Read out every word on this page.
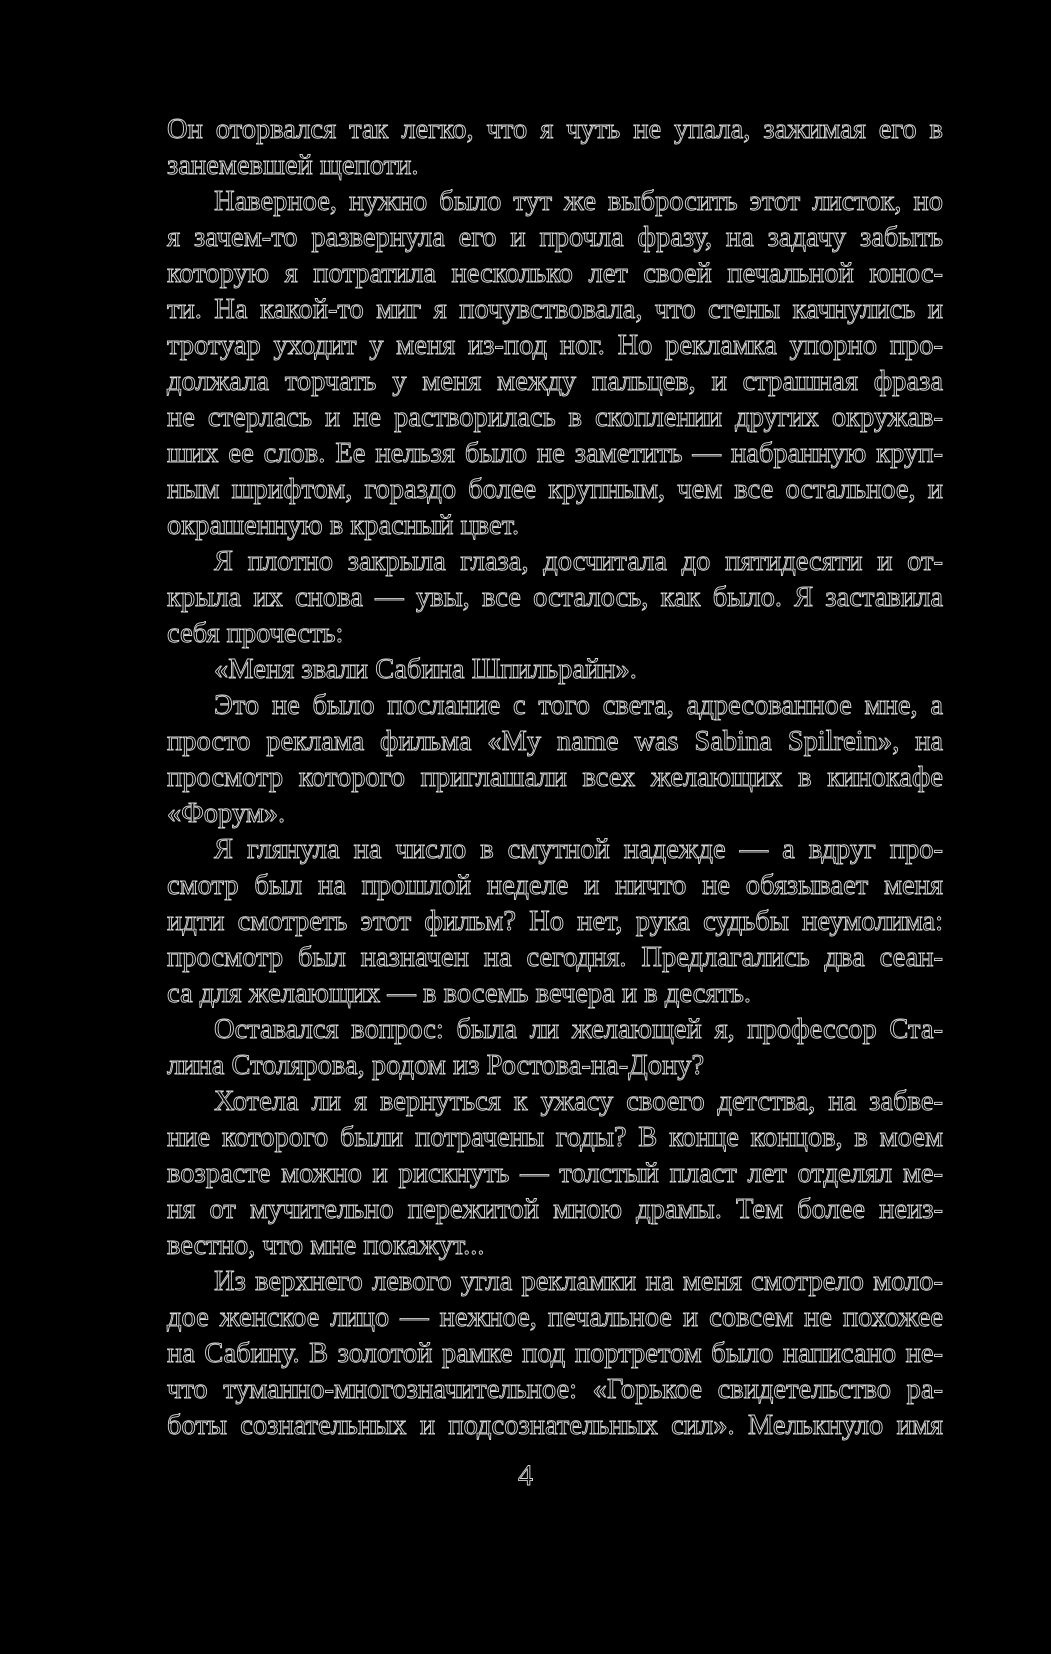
Он оторвался так легко, что я чуть не упала, зажимая его в
занемевшей щепоти.
Наверное, нужно было тут же выбросить этот листок, но
я зачем-то развернула его и прочла фразу, на задачу забыть
которую я потратила несколько лет своей печальной юнос-
ти. На какой-то миг я почувствовала, что стены качнулись и
тротуар уходит у меня из-под ног. Но рекламка упорно про-
должала торчать у меня между пальцев, и страшная фраза
не стерлась и не растворилась в скоплении других окружав-
ших ее слов. Ее нельзя было не заметить — набранную круп-
ным шрифтом, гораздо более крупным, чем все остальное, и
окрашенную в красный цвет.
Я плотно закрыла глаза, досчитала до пятидесяти и от-
крыла их снова — увы, все осталось, как было. Я заставила
себя прочесть:
«Меня звали Сабина Шпильрайн».
Это не было послание с того света, адресованное мне, а
просто реклама фильма «My name was Sabina Spilrein», на
просмотр которого приглашали всех желающих в кинокафе
«Форум».
Я глянула на число в смутной надежде — а вдруг про-
смотр был на прошлой неделе и ничто не обязывает меня
идти смотреть этот фильм? Но нет, рука судьбы неумолима:
просмотр был назначен на сегодня. Предлагались два сеан-
са для желающих — в восемь вечера и в десять.
Оставался вопрос: была ли желающей я, профессор Ста-
лина Столярова, родом из Ростова-на-Дону?
Хотела ли я вернуться к ужасу своего детства, на забве-
ние которого были потрачены годы? В конце концов, в моем
возрасте можно и рискнуть — толстый пласт лет отделял ме-
ня от мучительно пережитой мною драмы. Тем более неиз-
вестно, что мне покажут...
Из верхнего левого угла рекламки на меня смотрело моло-
дое женское лицо — нежное, печальное и совсем не похожее
на Сабину. В золотой рамке под портретом было написано не-
что туманно-многозначительное: «Горькое свидетельство ра-
боты сознательных и подсознательных сил». Мелькнуло имя
4
